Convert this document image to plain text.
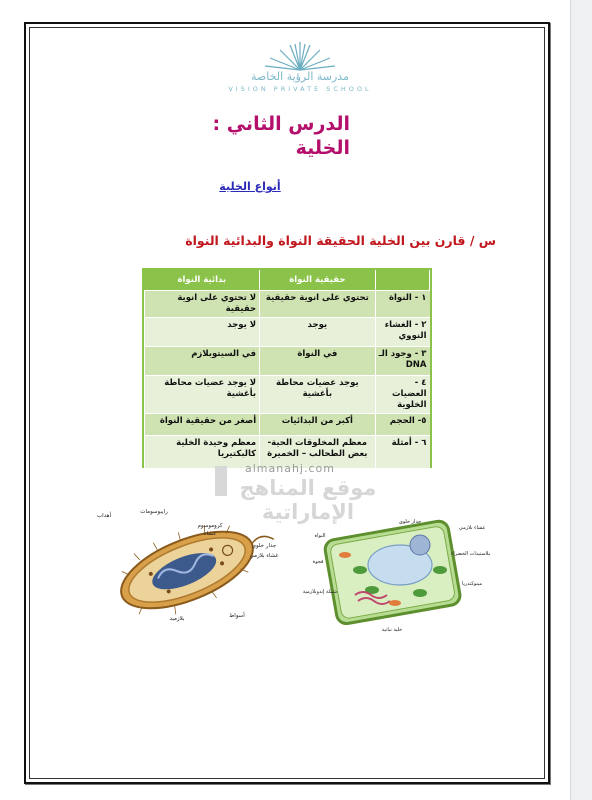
مدرسة الرؤية الخاصة
VISION PRIVATE SCHOOL
الدرس الثاني :
الخلية
أنواع الخلية
س / قارن بين الخلية الحقيقة النواة والبدائية النواة
	حقيقية النواة	بدائية النواة
١ - النواة	تحتوي على انوية حقيقية	لا تحتوي على انوية حقيقية
٢ - الغشاء النووي	يوجد	لا يوجد
٣ - وجود الـ DNA	في النواة	في السيتوبلازم
٤ - العضيات الخلوية	يوجد عضيات محاطة بأغشية	لا يوجد عضيات محاطة بأغشية
٥- الحجم	أكبر من البدائيات	أصغر من حقيقية النواة
٦ - أمثلة	معظم المخلوقات الحية- بعض الطحالب – الخميرة	معظم وحيدة الخلية كالبكتيريا
almanahj.com
موقع المناهج الإماراتية
أهداب
رايبوسومات
كروموسوم
غشاء
جدار خلوي
غشاء بلازمي
أسواط
بلازميد
جدار خلوي
غشاء بلازمي
النواة
البلاستيدات الخضراء
فجوة
ميتوكندريا
شبكة إندوبلازمية
خلية نباتية
